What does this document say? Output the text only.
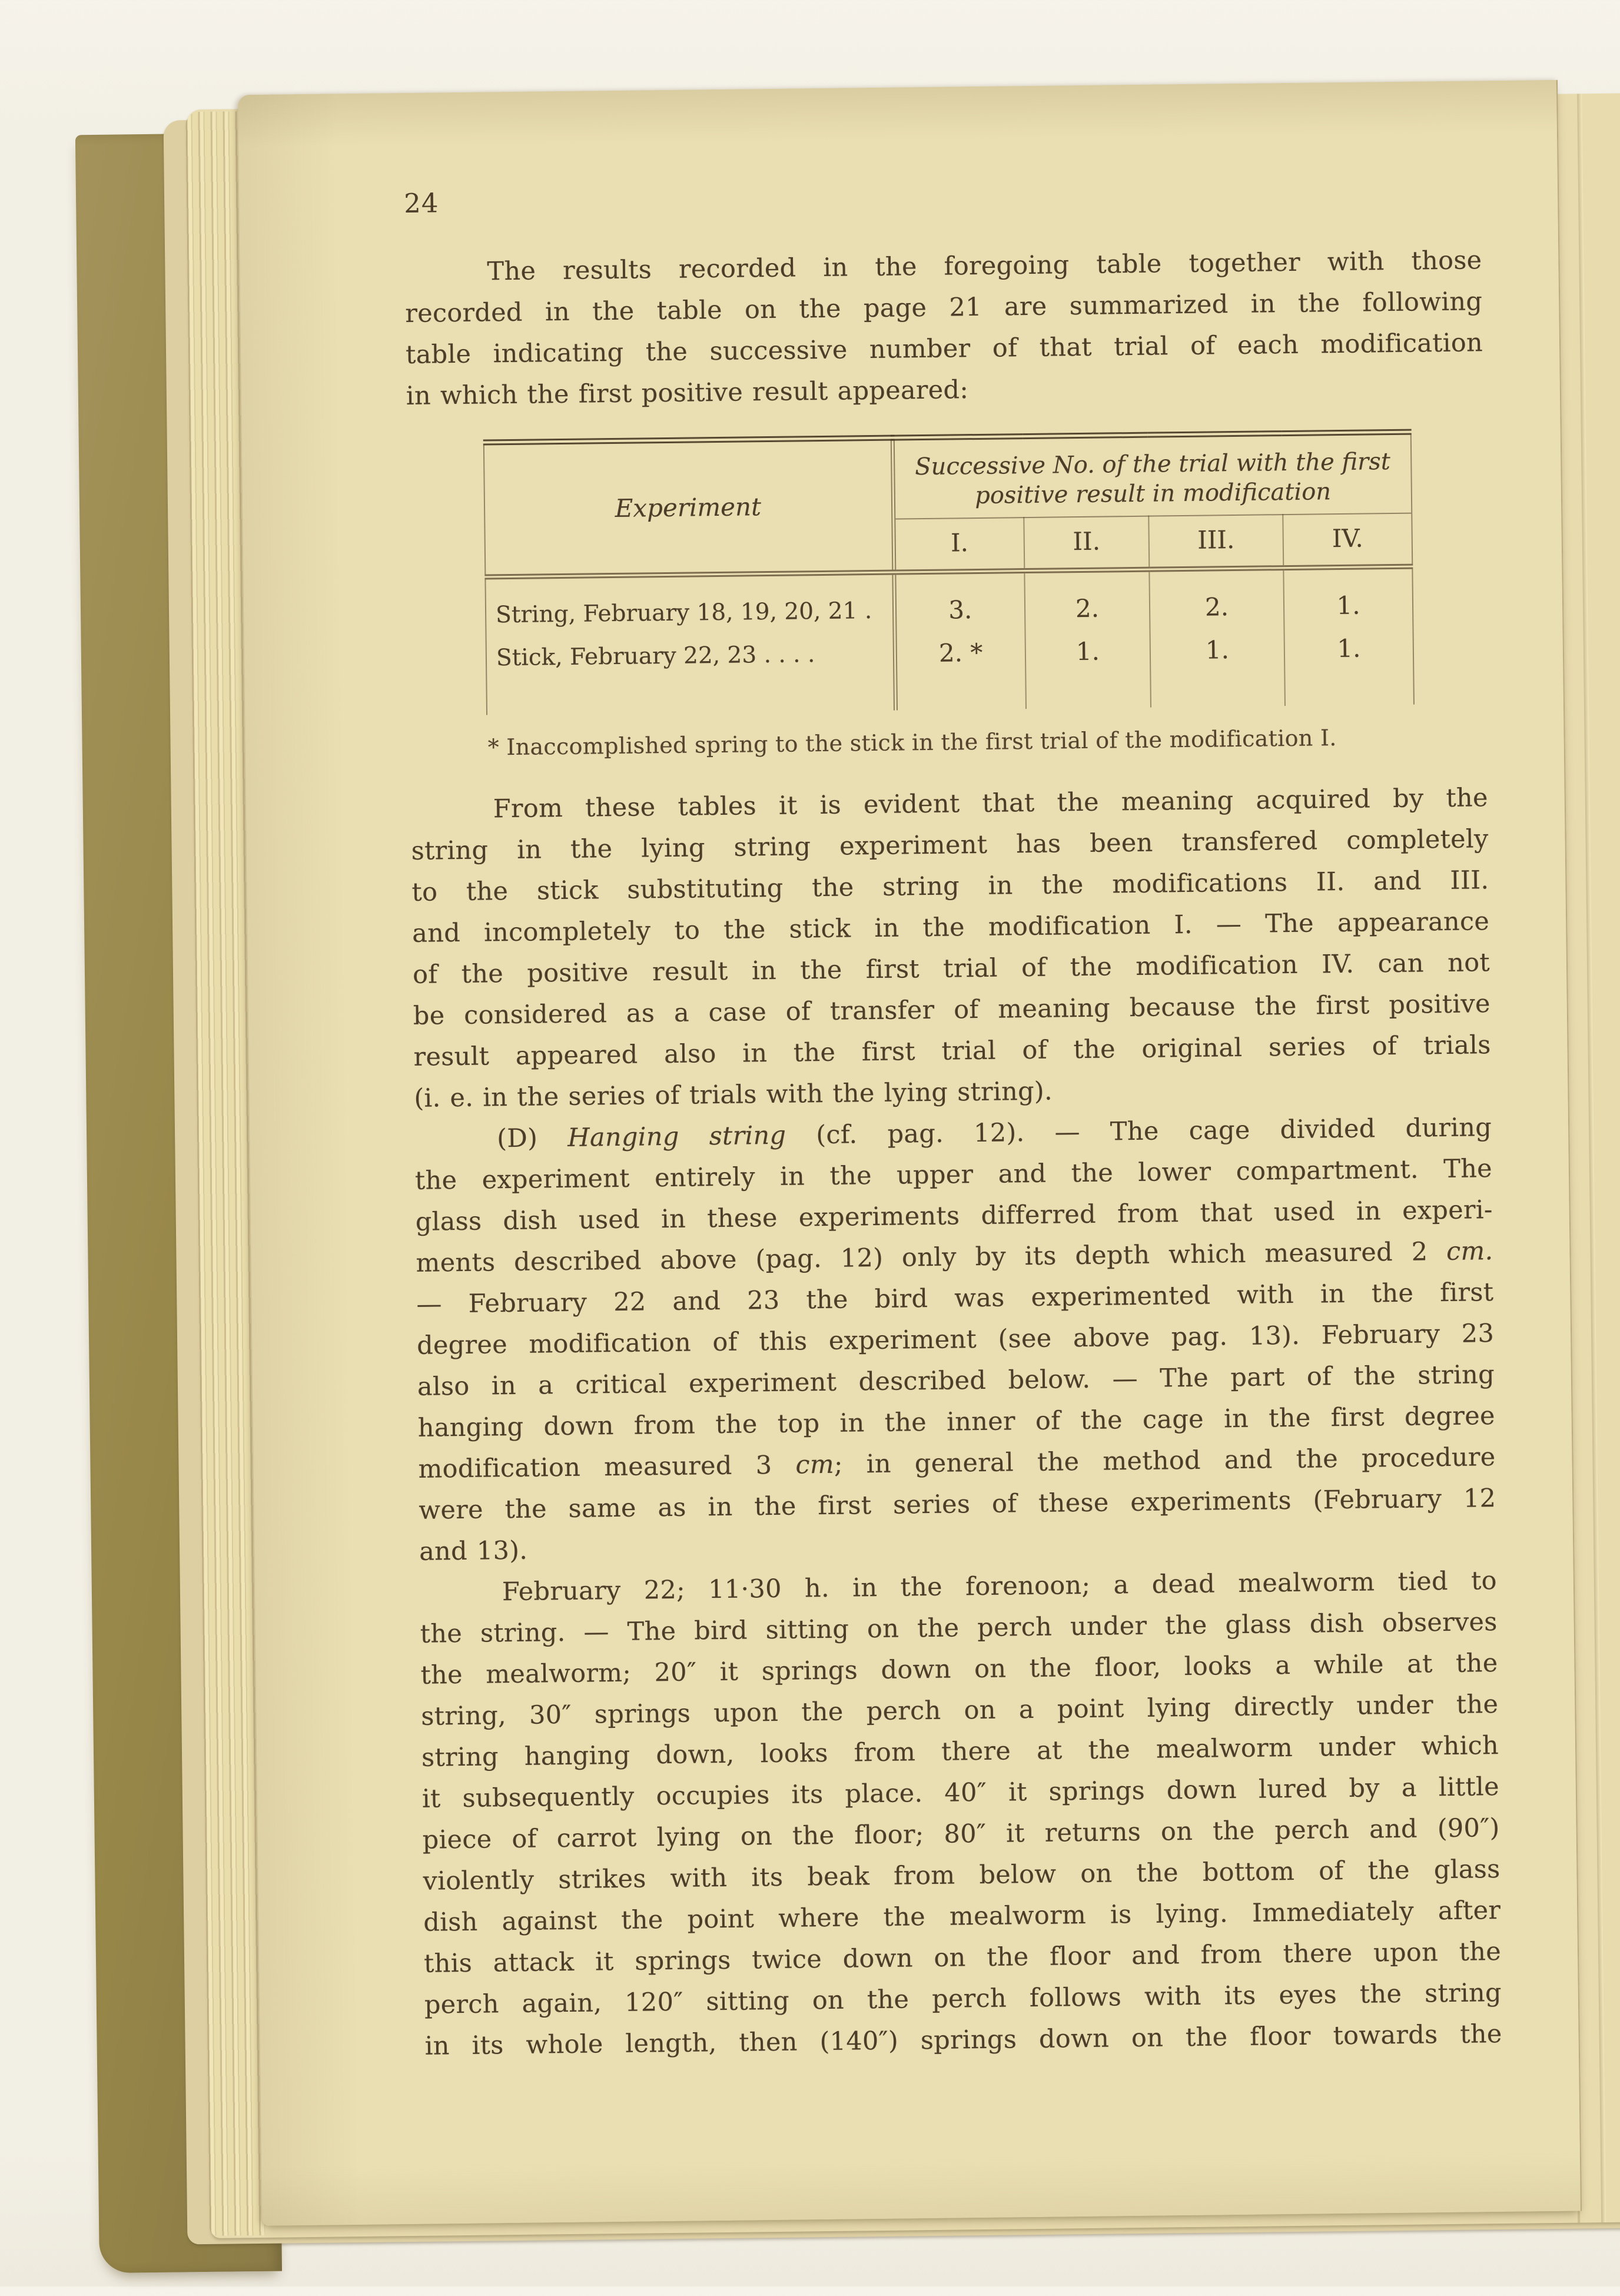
24
The results recorded in the foregoing table together with those
recorded in the table on the page 21 are summarized in the following
table indicating the successive number of that trial of each modification
in which the first positive result appeared:
Experiment	Successive No. of the trial with the first
positive result in modification			

	I.	II.	III.	IV.
String, February 18, 19, 20, 21 .	3.	2.	2.	1.
Stick, February 22, 23 . . . .	2. *	1.	1.	1.
* Inaccomplished spring to the stick in the first trial of the modification I.
From these tables it is evident that the meaning acquired by the
string in the lying string experiment has been transfered completely
to the stick substituting the string in the modifications II. and III.
and incompletely to the stick in the modification I. — The appearance
of the positive result in the first trial of the modification IV. can not
be considered as a case of transfer of meaning because the first positive
result appeared also in the first trial of the original series of trials
(i. e. in the series of trials with the lying string).
(D) Hanging string (cf. pag. 12). — The cage divided during
the experiment entirely in the upper and the lower compartment. The
glass dish used in these experiments differred from that used in experi-
ments described above (pag. 12) only by its depth which measured 2 cm.
— February 22 and 23 the bird was experimented with in the first
degree modification of this experiment (see above pag. 13). February 23
also in a critical experiment described below. — The part of the string
hanging down from the top in the inner of the cage in the first degree
modification measured 3 cm; in general the method and the procedure
were the same as in the first series of these experiments (February 12
and 13).
February 22; 11·30 h. in the forenoon; a dead mealworm tied to
the string. — The bird sitting on the perch under the glass dish observes
the mealworm; 20″ it springs down on the floor, looks a while at the
string, 30″ springs upon the perch on a point lying directly under the
string hanging down, looks from there at the mealworm under which
it subsequently occupies its place. 40″ it springs down lured by a little
piece of carrot lying on the floor; 80″ it returns on the perch and (90″)
violently strikes with its beak from below on the bottom of the glass
dish against the point where the mealworm is lying. Immediately after
this attack it springs twice down on the floor and from there upon the
perch again, 120″ sitting on the perch follows with its eyes the string
in its whole length, then (140″) springs down on the floor towards the
